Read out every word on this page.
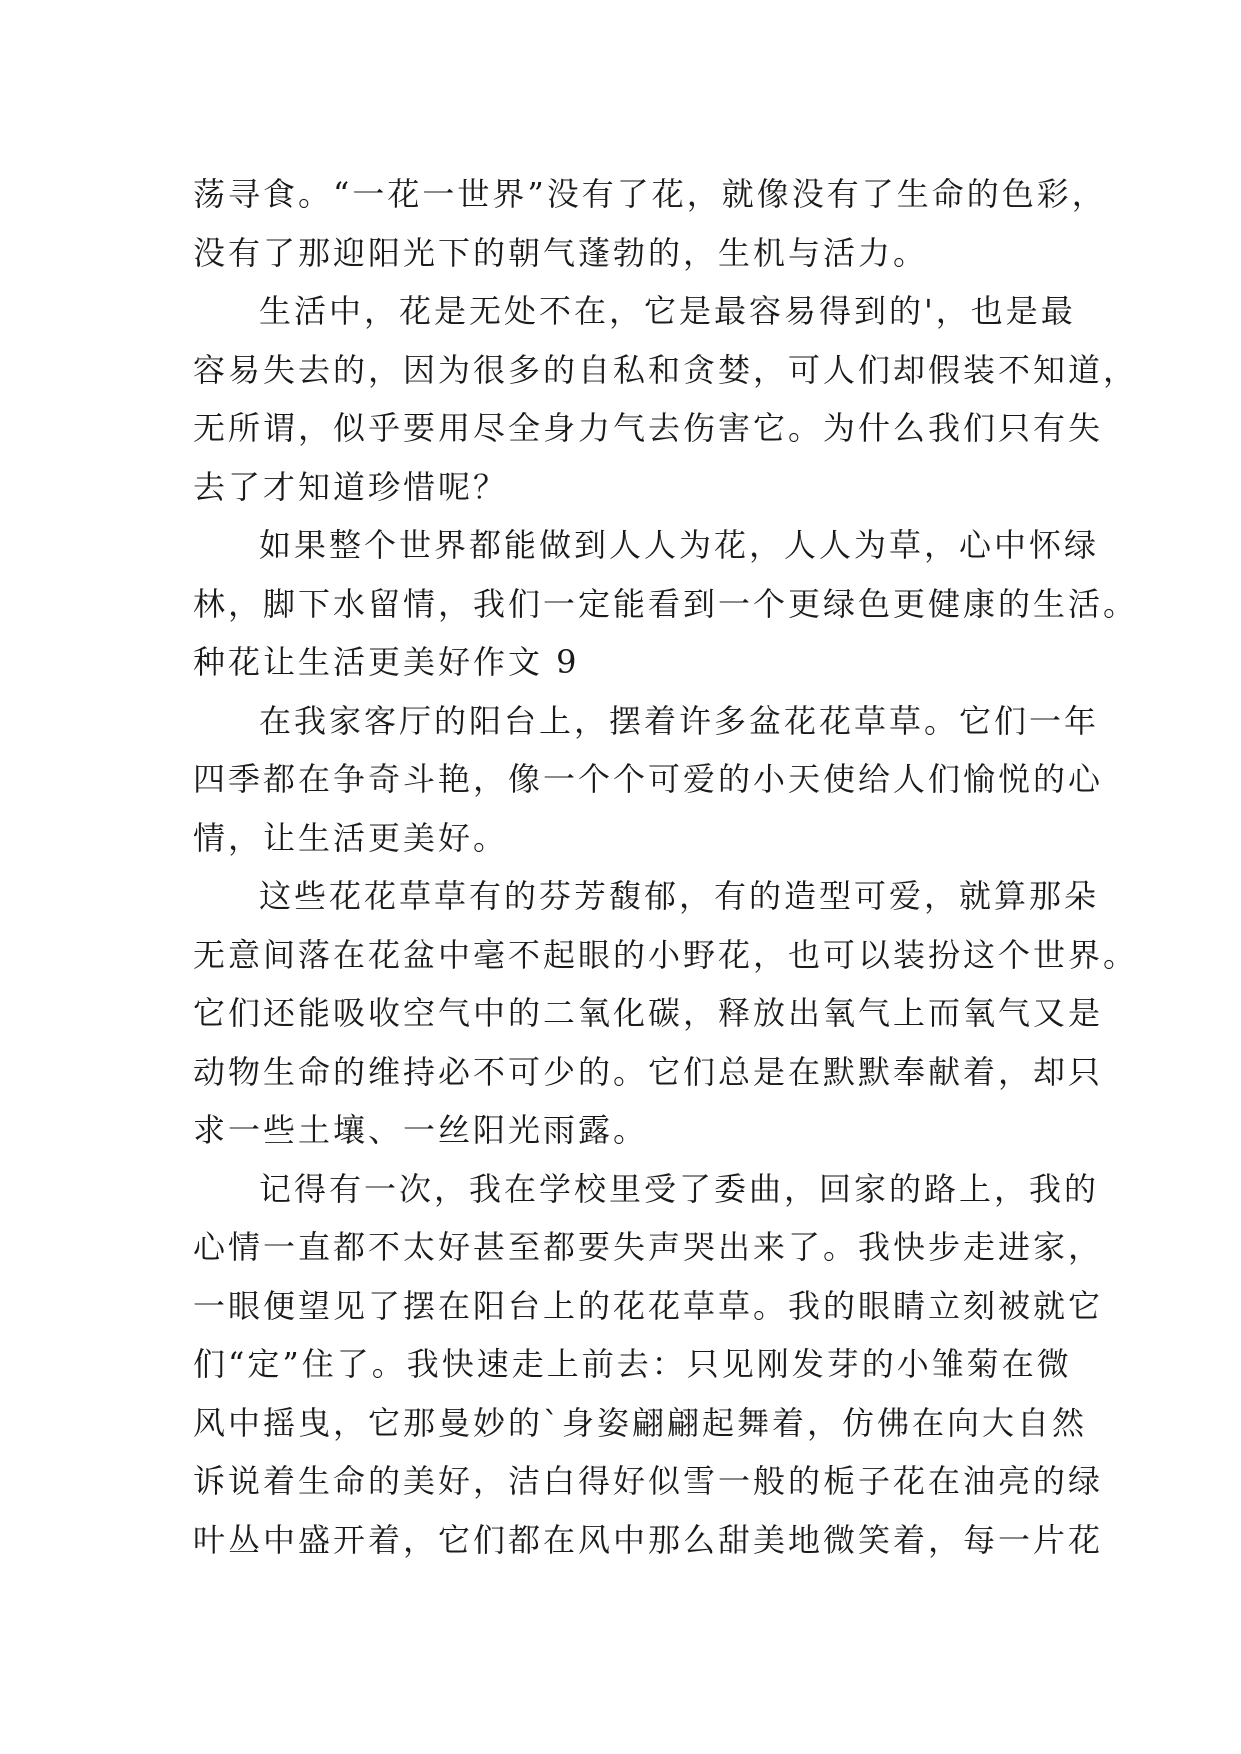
荡寻食。“一花一世界”没有了花，就像没有了生命的色彩，
没有了那迎阳光下的朝气蓬勃的，生机与活力。
生活中，花是无处不在，它是最容易得到的'，也是最
容易失去的，因为很多的自私和贪婪，可人们却假装不知道，
无所谓，似乎要用尽全身力气去伤害它。为什么我们只有失
去了才知道珍惜呢？
如果整个世界都能做到人人为花，人人为草，心中怀绿
林，脚下水留情，我们一定能看到一个更绿色更健康的生活。
种花让生活更美好作文 9
在我家客厅的阳台上，摆着许多盆花花草草。它们一年
四季都在争奇斗艳，像一个个可爱的小天使给人们愉悦的心
情，让生活更美好。
这些花花草草有的芬芳馥郁，有的造型可爱，就算那朵
无意间落在花盆中毫不起眼的小野花，也可以装扮这个世界。
它们还能吸收空气中的二氧化碳，释放出氧气上而氧气又是
动物生命的维持必不可少的。它们总是在默默奉献着，却只
求一些土壤、一丝阳光雨露。
记得有一次，我在学校里受了委曲，回家的路上，我的
心情一直都不太好甚至都要失声哭出来了。我快步走进家，
一眼便望见了摆在阳台上的花花草草。我的眼睛立刻被就它
们“定”住了。我快速走上前去：只见刚发芽的小雏菊在微
风中摇曳，它那曼妙的`身姿翩翩起舞着，仿佛在向大自然
诉说着生命的美好，洁白得好似雪一般的栀子花在油亮的绿
叶丛中盛开着，它们都在风中那么甜美地微笑着，每一片花
